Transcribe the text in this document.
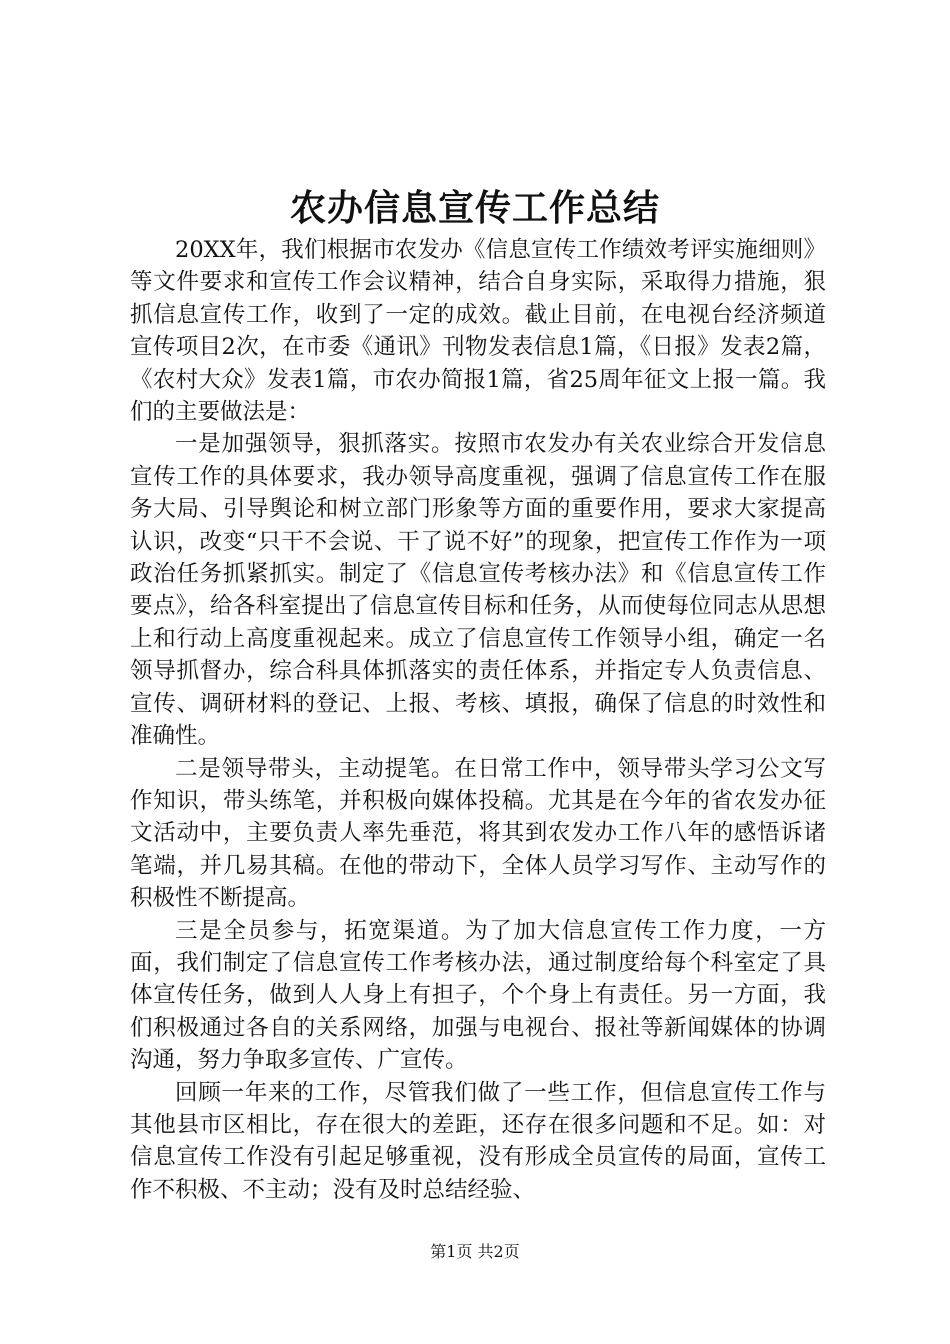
农办信息宣传工作总结

20XX年，我们根据市农发办《信息宣传工作绩效考评实施细则》等文件要求和宣传工作会议精神，结合自身实际，采取得力措施，狠抓信息宣传工作，收到了一定的成效。截止目前，在电视台经济频道宣传项目2次，在市委《通讯》刊物发表信息1篇，《日报》发表2篇，《农村大众》发表1篇，市农办简报1篇，省25周年征文上报一篇。我们的主要做法是：

一是加强领导，狠抓落实。按照市农发办有关农业综合开发信息宣传工作的具体要求，我办领导高度重视，强调了信息宣传工作在服务大局、引导舆论和树立部门形象等方面的重要作用，要求大家提高认识，改变“只干不会说、干了说不好”的现象，把宣传工作作为一项政治任务抓紧抓实。制定了《信息宣传考核办法》和《信息宣传工作要点》，给各科室提出了信息宣传目标和任务，从而使每位同志从思想上和行动上高度重视起来。成立了信息宣传工作领导小组，确定一名领导抓督办，综合科具体抓落实的责任体系，并指定专人负责信息、宣传、调研材料的登记、上报、考核、填报，确保了信息的时效性和准确性。

二是领导带头，主动提笔。在日常工作中，领导带头学习公文写作知识，带头练笔，并积极向媒体投稿。尤其是在今年的省农发办征文活动中，主要负责人率先垂范，将其到农发办工作八年的感悟诉诸笔端，并几易其稿。在他的带动下，全体人员学习写作、主动写作的积极性不断提高。

三是全员参与，拓宽渠道。为了加大信息宣传工作力度，一方面，我们制定了信息宣传工作考核办法，通过制度给每个科室定了具体宣传任务，做到人人身上有担子，个个身上有责任。另一方面，我们积极通过各自的关系网络，加强与电视台、报社等新闻媒体的协调沟通，努力争取多宣传、广宣传。

回顾一年来的工作，尽管我们做了一些工作，但信息宣传工作与其他县市区相比，存在很大的差距，还存在很多问题和不足。如：对信息宣传工作没有引起足够重视，没有形成全员宣传的局面，宣传工作不积极、不主动；没有及时总结经验、

第1页 共2页
